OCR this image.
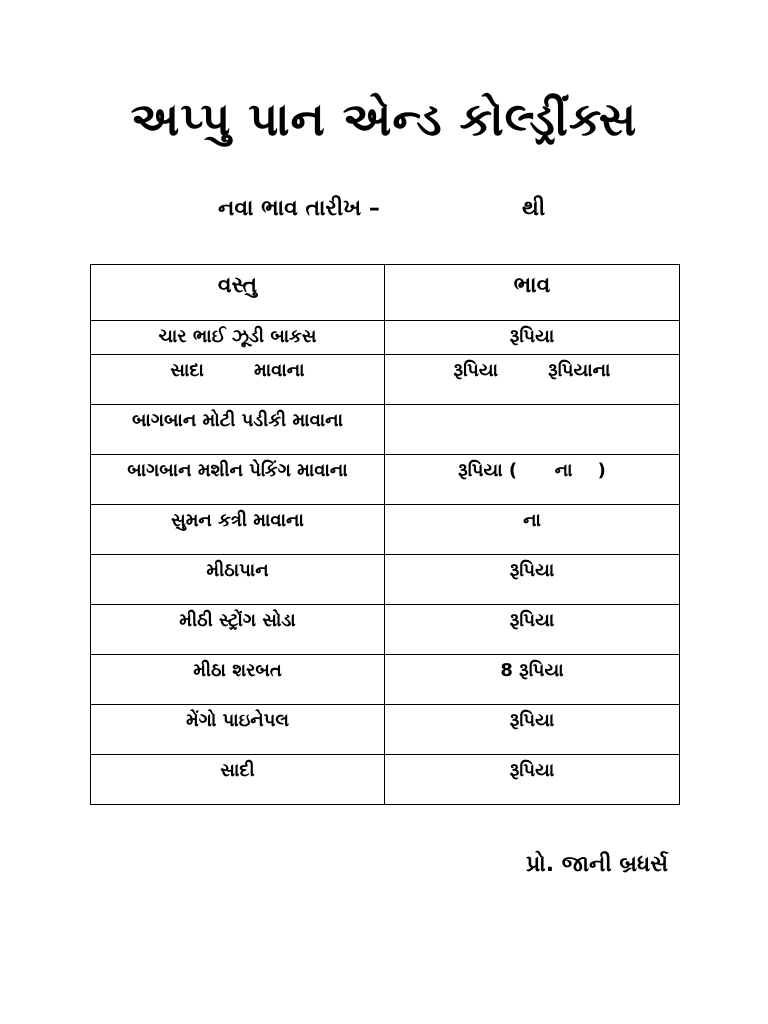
અપ્પુ પાન એન્ડ કોલ્ડ્રીંક્સ
નવા ભાવ તારીખ –	થી
વસ્તુ	ભાવ
ચાર ભાઈ ઝૂડી બાકસ	રૂપિયા
સાદા        માવાના	રૂપિયા        રૂપિયાના
બાગબાન મોટી પડીકી માવાના	
બાગબાન મશીન પેકિંગ માવાના	રૂપિયા (      ના    )
સુમન કત્રી માવાના	ના
મીઠાપાન	રૂપિયા
મીઠી સ્ટ્રોંગ સોડા	રૂપિયા
મીઠા શરબત	8 રૂપિયા
મેંગો પાઇનેપલ	રૂપિયા
સાદી	રૂપિયા
પ્રો. જાની બ્રધર્સ
